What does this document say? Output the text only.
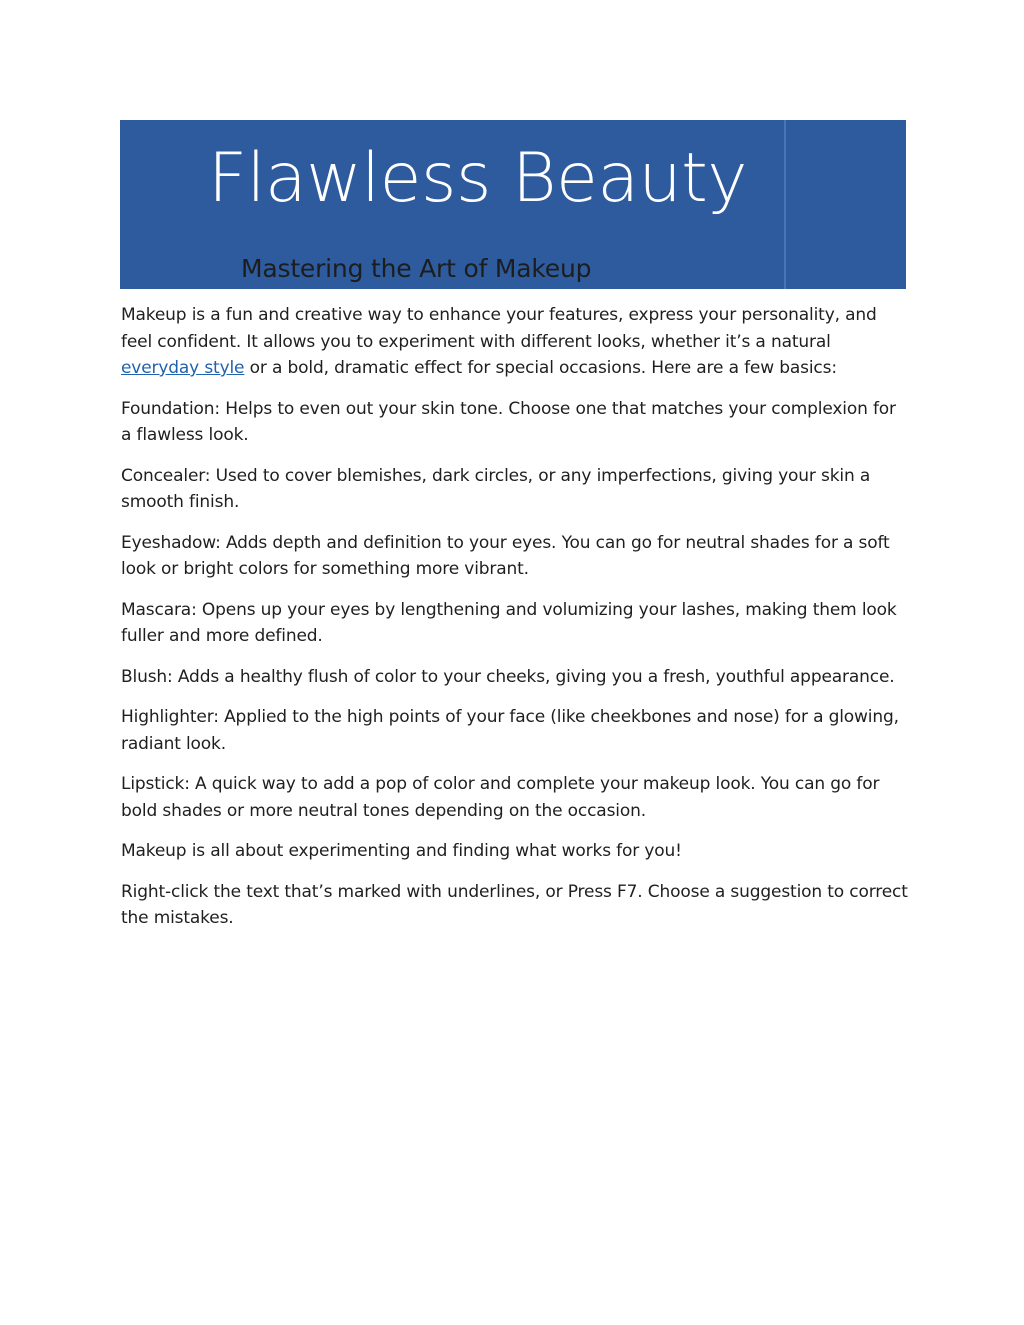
Flawless Beauty
Mastering the Art of Makeup

Makeup is a fun and creative way to enhance your features, express your personality, and feel confident. It allows you to experiment with different looks, whether it’s a natural everyday style or a bold, dramatic effect for special occasions. Here are a few basics:

Foundation: Helps to even out your skin tone. Choose one that matches your complexion for a flawless look.

Concealer: Used to cover blemishes, dark circles, or any imperfections, giving your skin a smooth finish.

Eyeshadow: Adds depth and definition to your eyes. You can go for neutral shades for a soft look or bright colors for something more vibrant.

Mascara: Opens up your eyes by lengthening and volumizing your lashes, making them look fuller and more defined.

Blush: Adds a healthy flush of color to your cheeks, giving you a fresh, youthful appearance.

Highlighter: Applied to the high points of your face (like cheekbones and nose) for a glowing, radiant look.

Lipstick: A quick way to add a pop of color and complete your makeup look. You can go for bold shades or more neutral tones depending on the occasion.

Makeup is all about experimenting and finding what works for you!

Right-click the text that’s marked with underlines, or Press F7. Choose a suggestion to correct the mistakes.
